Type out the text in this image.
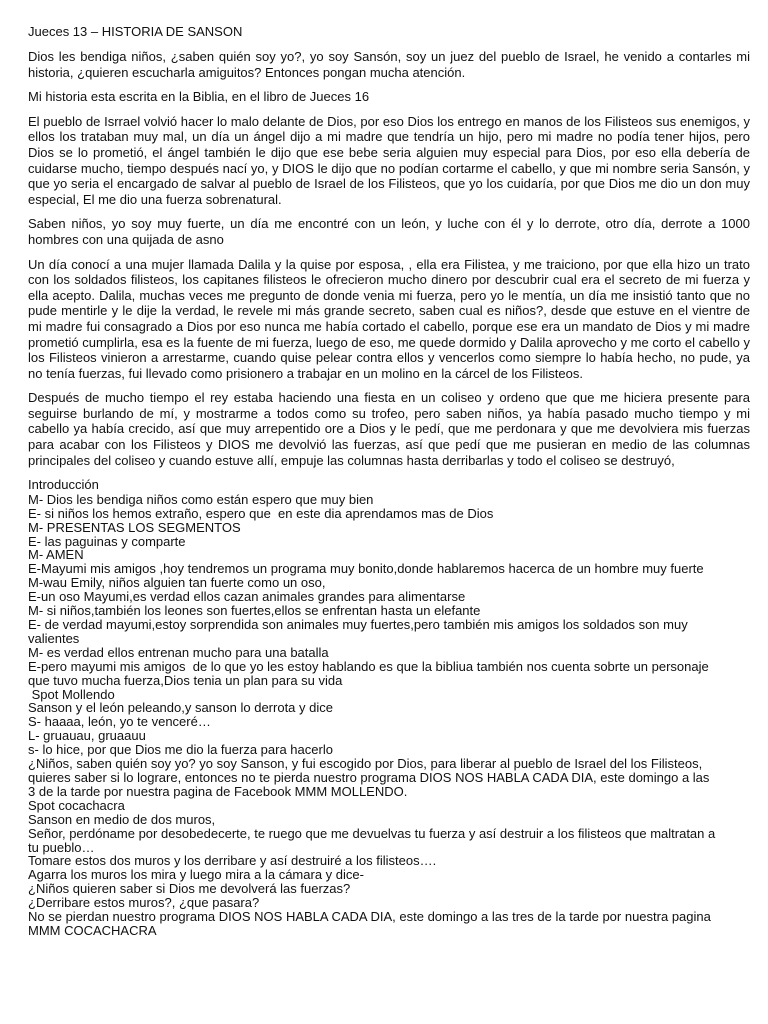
Jueces 13 – HISTORIA DE SANSON

Dios les bendiga niños, ¿saben quién soy yo?, yo soy Sansón, soy un juez del pueblo de Israel, he venido a contarles mi historia, ¿quieren escucharla amiguitos? Entonces pongan mucha atención.

Mi historia esta escrita en la Biblia, en el libro de Jueces 16

El pueblo de Isrrael volvió hacer lo malo delante de Dios, por eso Dios los entrego en manos de los Filisteos sus enemigos, y ellos los trataban muy mal, un día un ángel dijo a mi madre que tendría un hijo, pero mi madre no podía tener hijos, pero Dios se lo prometió, el ángel también le dijo que ese bebe seria alguien muy especial para Dios, por eso ella debería de cuidarse mucho, tiempo después nací yo, y DIOS le dijo que no podían cortarme el cabello, y que mi nombre seria Sansón, y que yo seria el encargado de salvar al pueblo de Israel de los Filisteos, que yo los cuidaría, por que Dios me dio un don muy especial, El me dio una fuerza sobrenatural.

Saben niños, yo soy muy fuerte, un día me encontré con un león, y luche con él y lo derrote, otro día, derrote a 1000 hombres con una quijada de asno

Un día conocí a una mujer llamada Dalila y la quise por esposa, , ella era Filistea, y me traiciono, por que ella hizo un trato con los soldados filisteos, los capitanes filisteos le ofrecieron mucho dinero por descubrir cual era el secreto de mi fuerza y ella acepto. Dalila, muchas veces me pregunto de donde venia mi fuerza, pero yo le mentía, un día me insistió tanto que no pude mentirle y le dije la verdad, le revele mi más grande secreto, saben cual es niños?, desde que estuve en el vientre de mi madre fui consagrado a Dios por eso nunca me había cortado el cabello, porque ese era un mandato de Dios y mi madre prometió cumplirla, esa es la fuente de mi fuerza, luego de eso, me quede dormido y Dalila aprovecho y me corto el cabello y los Filisteos vinieron a arrestarme, cuando quise pelear contra ellos y vencerlos como siempre lo había hecho, no pude, ya no tenía fuerzas, fui llevado como prisionero a trabajar en un molino en la cárcel de los Filisteos.

Después de mucho tiempo el rey estaba haciendo una fiesta en un coliseo y ordeno que que me hiciera presente para seguirse burlando de mí, y mostrarme a todos como su trofeo, pero saben niños, ya había pasado mucho tiempo y mi cabello ya había crecido, así que muy arrepentido ore a Dios y le pedí, que me perdonara y que me devolviera mis fuerzas para acabar con los Filisteos y DIOS me devolvió las fuerzas, así que pedí que me pusieran en medio de las columnas principales del coliseo y cuando estuve allí, empuje las columnas hasta derribarlas y todo el coliseo se destruyó,

Introducción

M- Dios les bendiga niños como están espero que muy bien

E- si niños los hemos extraño, espero que  en este dia aprendamos mas de Dios

M- PRESENTAS LOS SEGMENTOS

E- las paguinas y comparte

M- AMEN

E-Mayumi mis amigos ,hoy tendremos un programa muy bonito,donde hablaremos hacerca de un hombre muy fuerte

M-wau Emily, niños alguien tan fuerte como un oso,

E-un oso Mayumi,es verdad ellos cazan animales grandes para alimentarse

M- si niños,también los leones son fuertes,ellos se enfrentan hasta un elefante

E- de verdad mayumi,estoy sorprendida son animales muy fuertes,pero también mis amigos los soldados son muy

valientes

M- es verdad ellos entrenan mucho para una batalla

E-pero mayumi mis amigos  de lo que yo les estoy hablando es que la bibliua también nos cuenta sobrte un personaje

que tuvo mucha fuerza,Dios tenia un plan para su vida

Spot Mollendo

Sanson y el león peleando,y sanson lo derrota y dice

S- haaaa, león, yo te venceré…

L- gruauau, gruaauu

s- lo hice, por que Dios me dio la fuerza para hacerlo

¿Niños, saben quién soy yo? yo soy Sanson, y fui escogido por Dios, para liberar al pueblo de Israel del los Filisteos,

quieres saber si lo lograre, entonces no te pierda nuestro programa DIOS NOS HABLA CADA DIA, este domingo a las

3 de la tarde por nuestra pagina de Facebook MMM MOLLENDO.

Spot cocachacra

Sanson en medio de dos muros,

Señor, perdóname por desobedecerte, te ruego que me devuelvas tu fuerza y así destruir a los filisteos que maltratan a

tu pueblo…

Tomare estos dos muros y los derribare y así destruiré a los filisteos….

Agarra los muros los mira y luego mira a la cámara y dice-

¿Niños quieren saber si Dios me devolverá las fuerzas?

¿Derribare estos muros?, ¿que pasara?

No se pierdan nuestro programa DIOS NOS HABLA CADA DIA, este domingo a las tres de la tarde por nuestra pagina

MMM COCACHACRA
